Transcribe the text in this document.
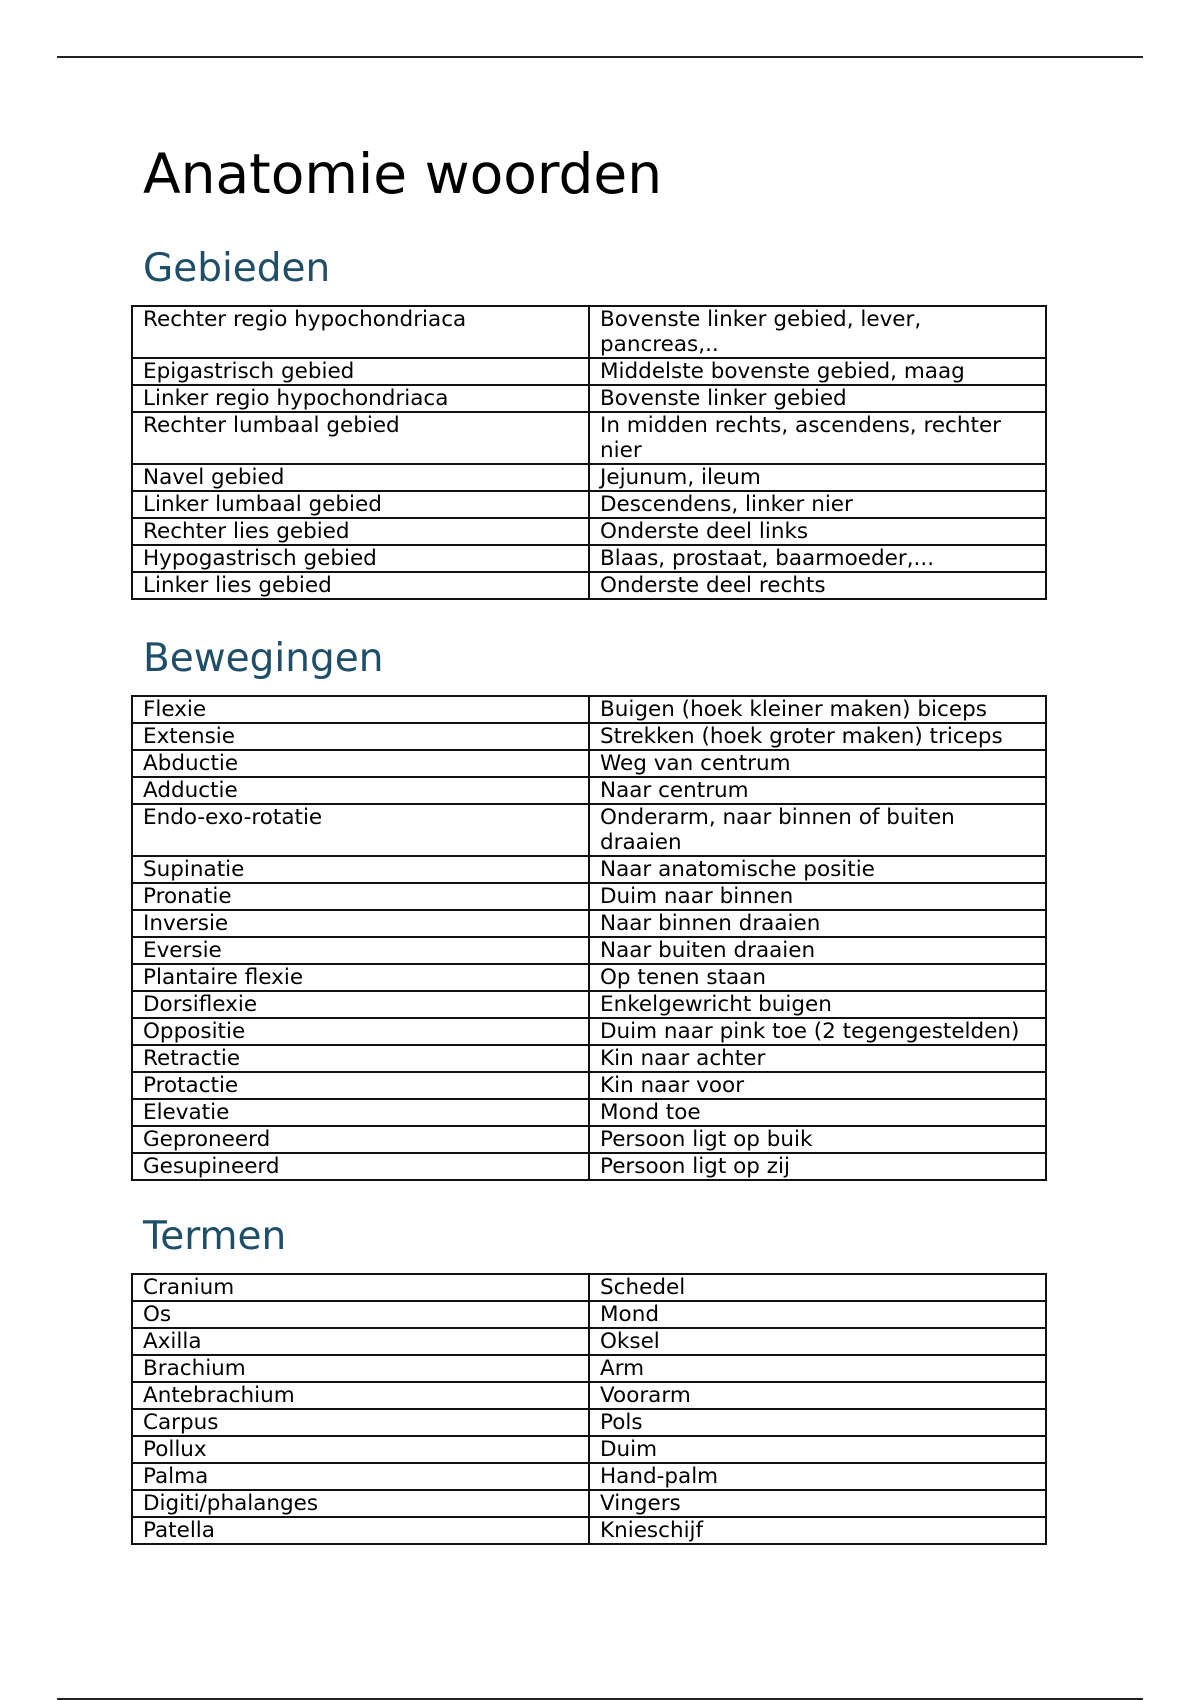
Anatomie woorden
Gebieden
Rechter regio hypochondriaca	Bovenste linker gebied, lever, pancreas,..
Epigastrisch gebied	Middelste bovenste gebied, maag
Linker regio hypochondriaca	Bovenste linker gebied
Rechter lumbaal gebied	In midden rechts, ascendens, rechter nier
Navel gebied	Jejunum, ileum
Linker lumbaal gebied	Descendens, linker nier
Rechter lies gebied	Onderste deel links
Hypogastrisch gebied	Blaas, prostaat, baarmoeder,...
Linker lies gebied	Onderste deel rechts
Bewegingen
Flexie	Buigen (hoek kleiner maken) biceps
Extensie	Strekken (hoek groter maken) triceps
Abductie	Weg van centrum
Adductie	Naar centrum
Endo-exo-rotatie	Onderarm, naar binnen of buiten draaien
Supinatie	Naar anatomische positie
Pronatie	Duim naar binnen
Inversie	Naar binnen draaien
Eversie	Naar buiten draaien
Plantaire flexie	Op tenen staan
Dorsiflexie	Enkelgewricht buigen
Oppositie	Duim naar pink toe (2 tegengestelden)
Retractie	Kin naar achter
Protactie	Kin naar voor
Elevatie	Mond toe
Geproneerd	Persoon ligt op buik
Gesupineerd	Persoon ligt op zij
Termen
Cranium	Schedel
Os	Mond
Axilla	Oksel
Brachium	Arm
Antebrachium	Voorarm
Carpus	Pols
Pollux	Duim
Palma	Hand-palm
Digiti/phalanges	Vingers
Patella	Knieschijf
